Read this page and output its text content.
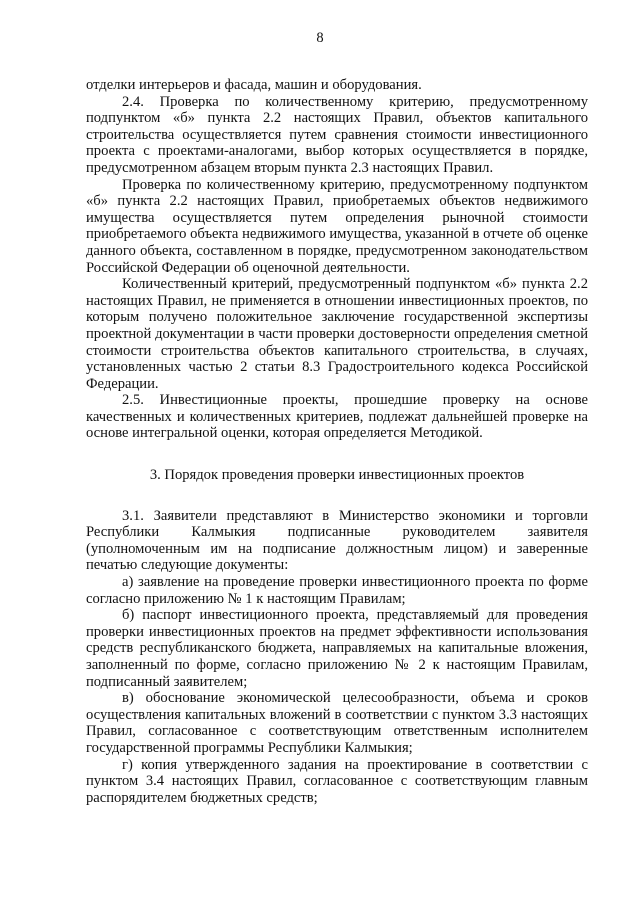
8

отделки интерьеров и фасада, машин и оборудования.

2.4. Проверка по количественному критерию, предусмотренному подпунктом «б» пункта 2.2 настоящих Правил, объектов капитального строительства осуществляется путем сравнения стоимости инвестиционного проекта с проектами-аналогами, выбор которых осуществляется в порядке, предусмотренном абзацем вторым пункта 2.3 настоящих Правил.

Проверка по количественному критерию, предусмотренному подпунктом «б» пункта 2.2 настоящих Правил, приобретаемых объектов недвижимого имущества осуществляется путем определения рыночной стоимости приобретаемого объекта недвижимого имущества, указанной в отчете об оценке данного объекта, составленном в порядке, предусмотренном законодательством Российской Федерации об оценочной деятельности.

Количественный критерий, предусмотренный подпунктом «б» пункта 2.2 настоящих Правил, не применяется в отношении инвестиционных проектов, по которым получено положительное заключение государственной экспертизы проектной документации в части проверки достоверности определения сметной стоимости строительства объектов капитального строительства, в случаях, установленных частью 2 статьи 8.3 Градостроительного кодекса Российской Федерации.

2.5. Инвестиционные проекты, прошедшие проверку на основе качественных и количественных критериев, подлежат дальнейшей проверке на основе интегральной оценки, которая определяется Методикой.

3. Порядок проведения проверки инвестиционных проектов

3.1. Заявители представляют в Министерство экономики и торговли Республики Калмыкия подписанные руководителем заявителя (уполномоченным им на подписание должностным лицом) и заверенные печатью следующие документы:

а) заявление на проведение проверки инвестиционного проекта по форме согласно приложению № 1 к настоящим Правилам;

б) паспорт инвестиционного проекта, представляемый для проведения проверки инвестиционных проектов на предмет эффективности использования средств республиканского бюджета, направляемых на капитальные вложения, заполненный по форме, согласно приложению № 2 к настоящим Правилам, подписанный заявителем;

в) обоснование экономической целесообразности, объема и сроков осуществления капитальных вложений в соответствии с пунктом 3.3 настоящих Правил, согласованное с соответствующим ответственным исполнителем государственной программы Республики Калмыкия;

г) копия утвержденного задания на проектирование в соответствии с пунктом 3.4 настоящих Правил, согласованное с соответствующим главным распорядителем бюджетных средств;
